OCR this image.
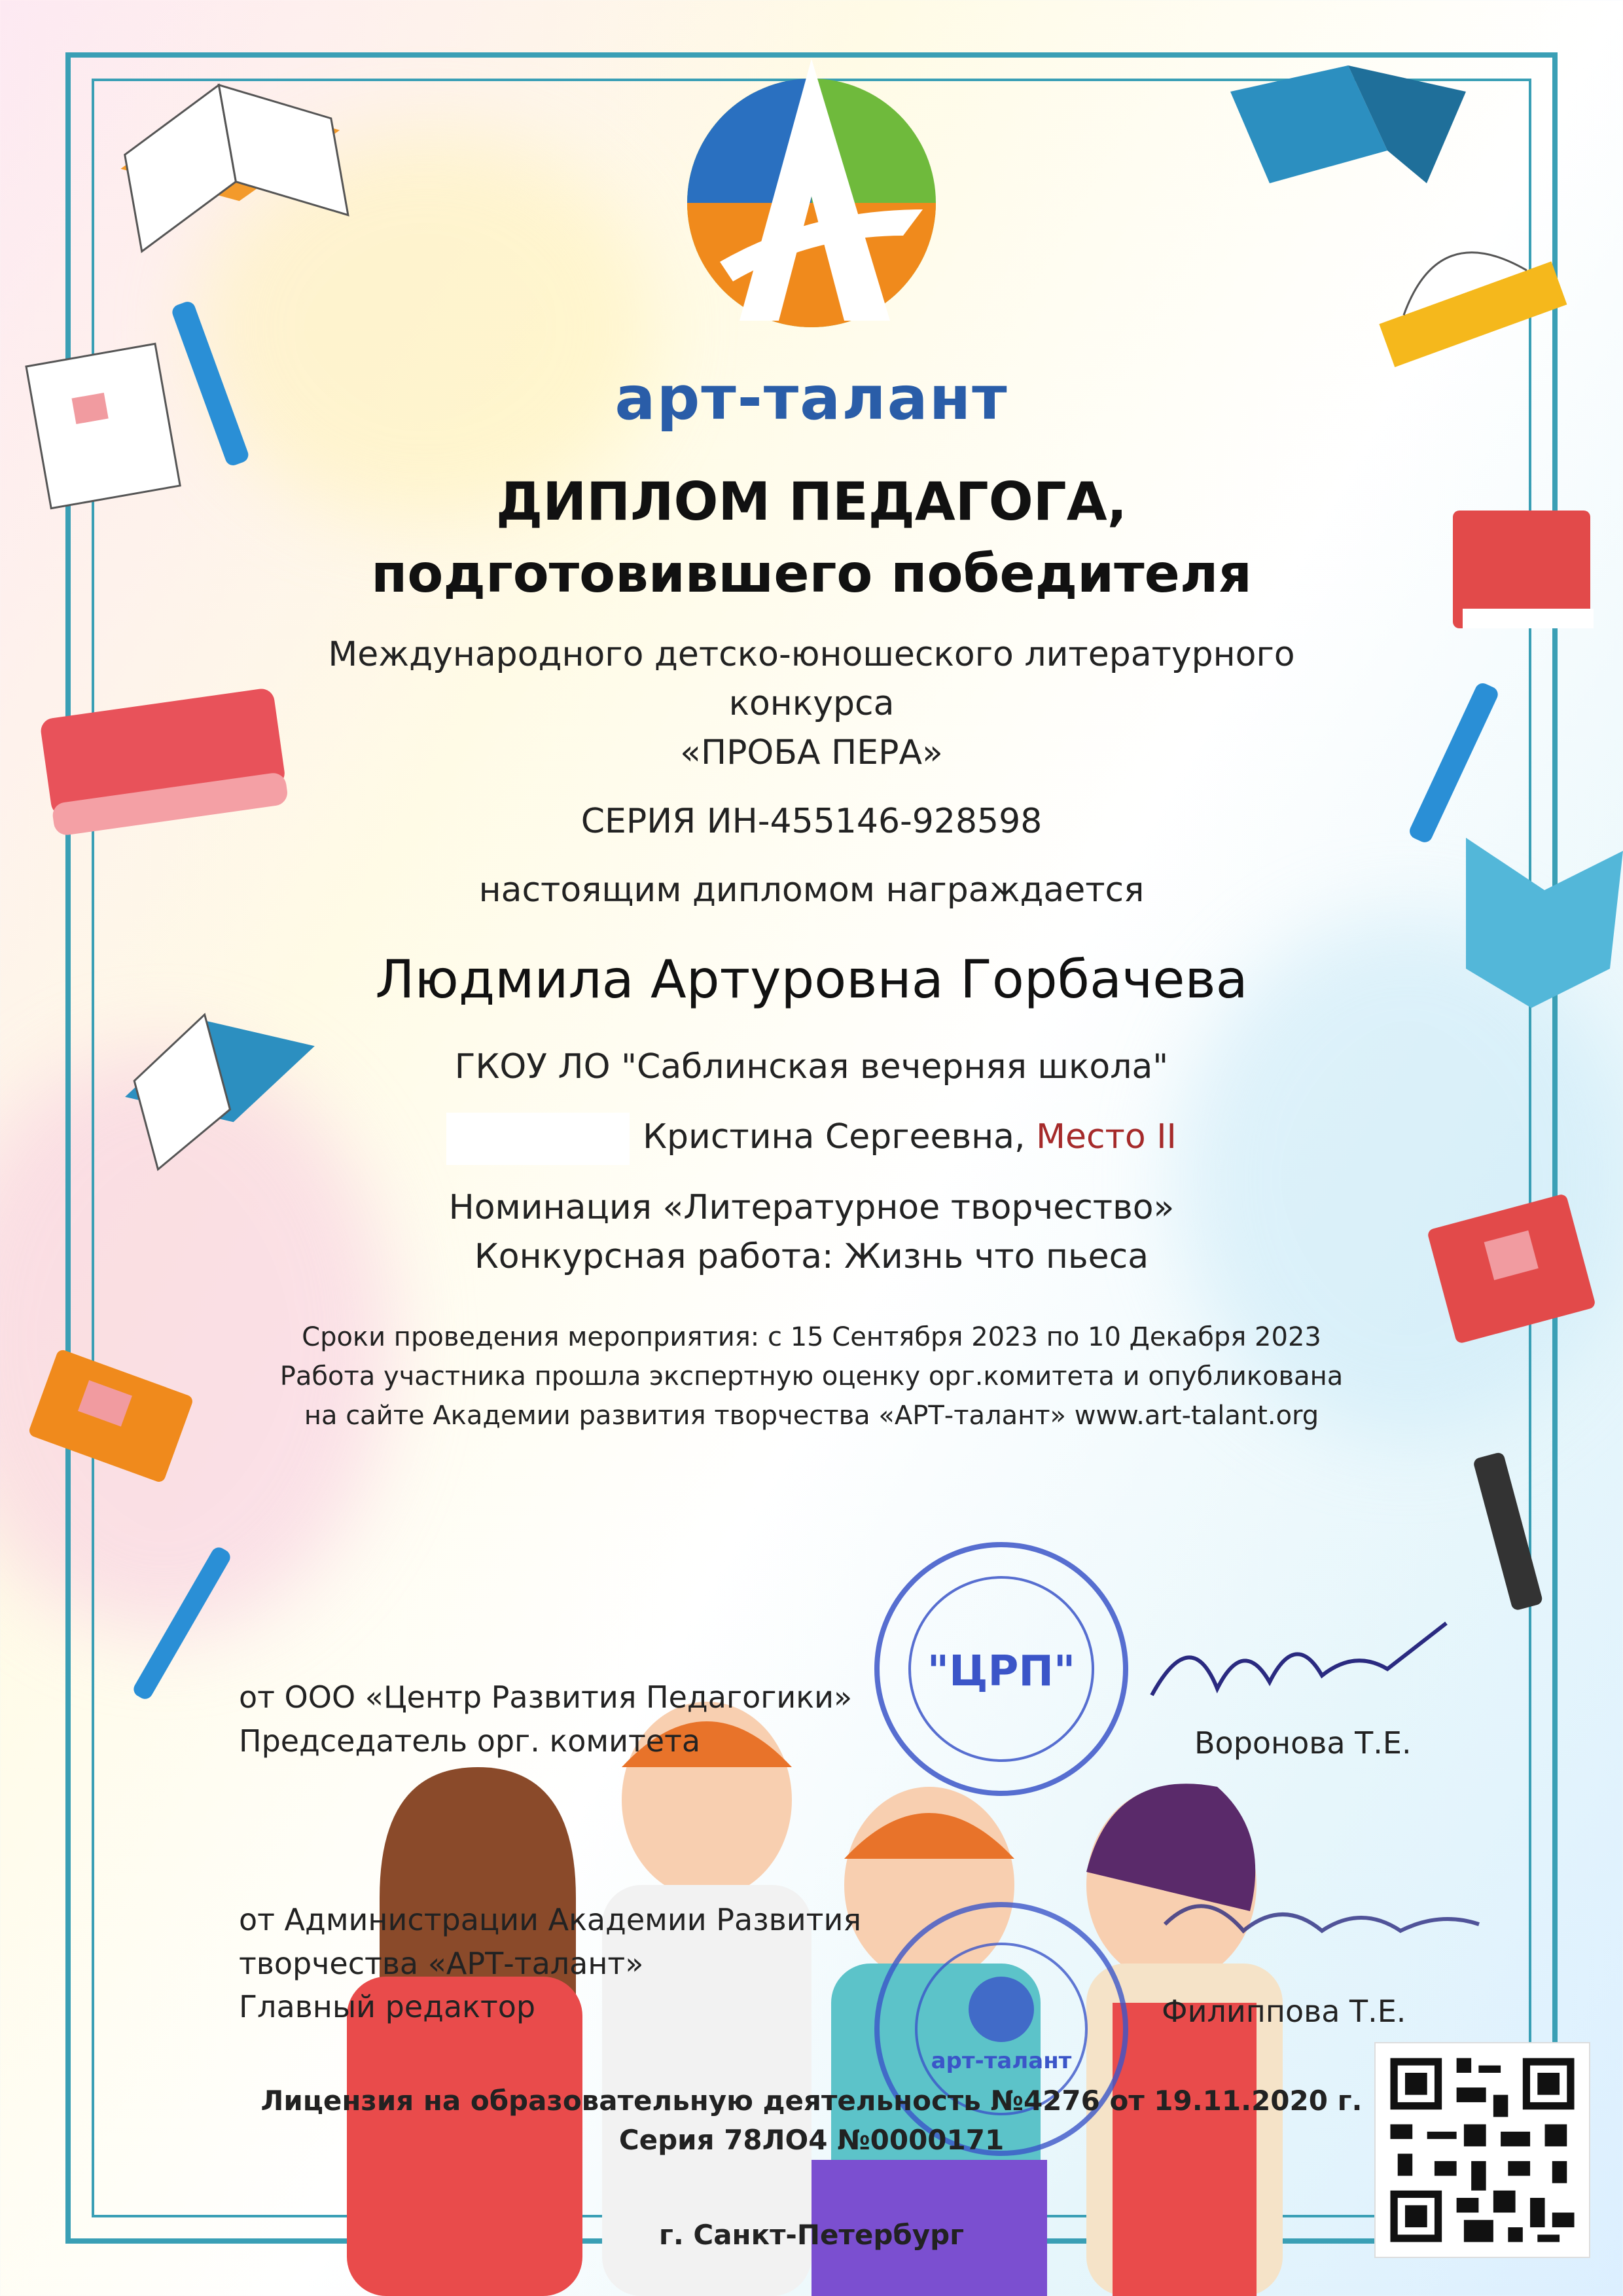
арт-талант
ДИПЛОМ ПЕДАГОГА,
подготовившего победителя
Международного детско-юношеского литературного
конкурса
«ПРОБА ПЕРА»
СЕРИЯ ИН-455146-928598
настоящим дипломом награждается
Людмила Артуровна Горбачева
ГКОУ ЛО "Саблинская вечерняя школа"
Кристина Сергеевна, Место II
Номинация «Литературное творчество»
Конкурсная работа: Жизнь что пьеса
Сроки проведения мероприятия: с 15 Сентября 2023 по 10 Декабря 2023
Работа участника прошла экспертную оценку орг.комитета и опубликована
на сайте Академии развития творчества «АРТ-талант» www.art-talant.org
"ЦРП"
арт-талант
от ООО «Центр Развития Педагогики»
Председатель орг. комитета	Воронова Т.Е.
от Администрации Академии Развития
творчества «АРТ-талант»
Главный редактор	Филиппова Т.Е.
Лицензия на образовательную деятельность №4276 от 19.11.2020 г.
Серия 78ЛО4 №0000171
г. Санкт-Петербург
